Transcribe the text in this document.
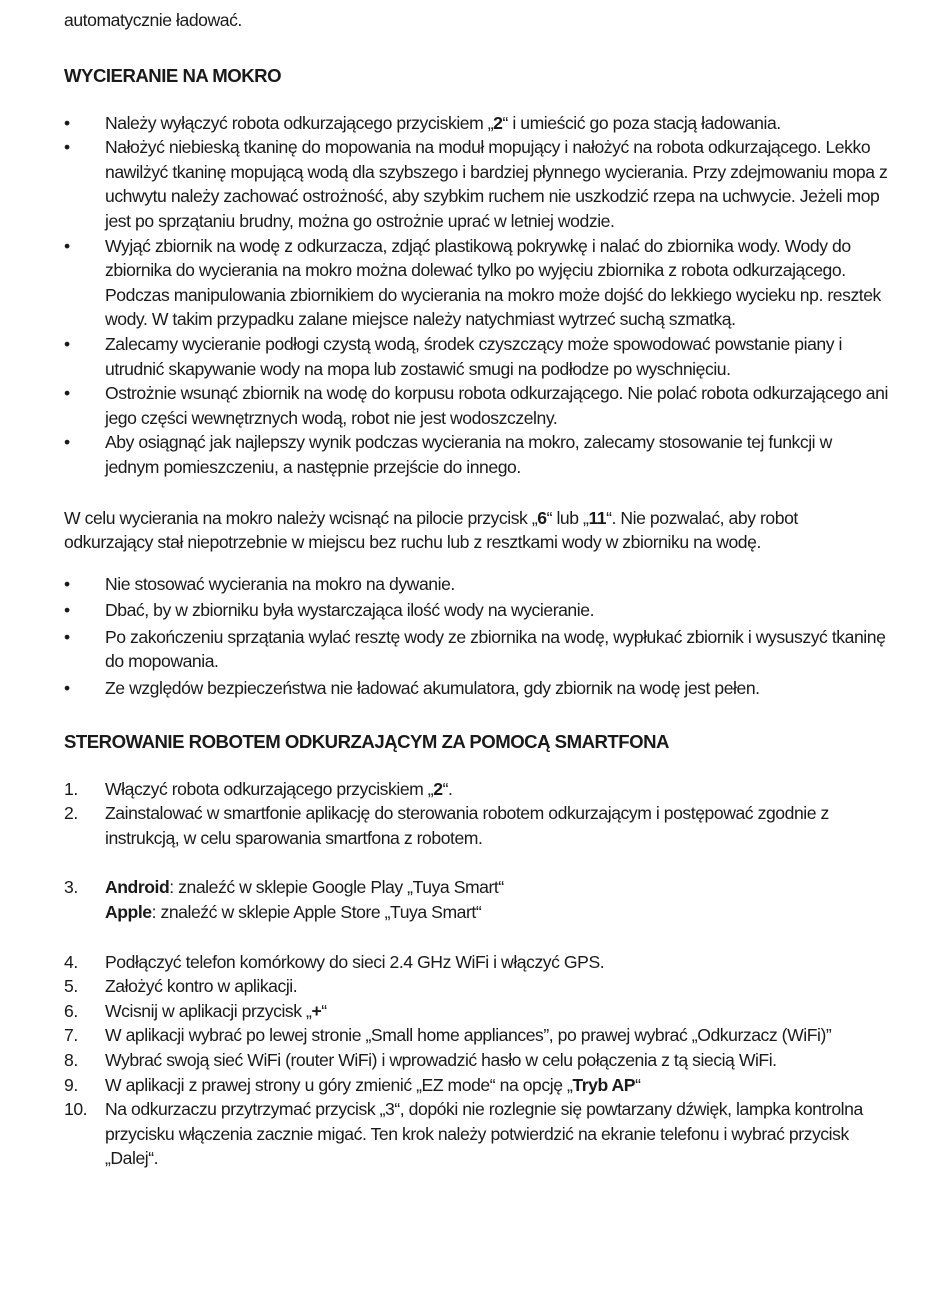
automatycznie ładować.

WYCIERANIE NA MOKRO
• Należy wyłączyć robota odkurzającego przyciskiem „2“ i umieścić go poza stacją ładowania.
• Nałożyć niebieską tkaninę do mopowania na moduł mopujący i nałożyć na robota odkurzającego. Lekko nawilżyć tkaninę mopującą wodą dla szybszego i bardziej płynnego wycierania. Przy zdejmowaniu mopa z uchwytu należy zachować ostrożność, aby szybkim ruchem nie uszkodzić rzepa na uchwycie. Jeżeli mop jest po sprzątaniu brudny, można go ostrożnie uprać w letniej wodzie.
• Wyjąć zbiornik na wodę z odkurzacza, zdjąć plastikową pokrywkę i nalać do zbiornika wody. Wody do zbiornika do wycierania na mokro można dolewać tylko po wyjęciu zbiornika z robota odkurzającego. Podczas manipulowania zbiornikiem do wycierania na mokro może dojść do lekkiego wycieku np. resztek wody. W takim przypadku zalane miejsce należy natychmiast wytrzeć suchą szmatką.
• Zalecamy wycieranie podłogi czystą wodą, środek czyszczący może spowodować powstanie piany i utrudnić skapywanie wody na mopa lub zostawić smugi na podłodze po wyschnięciu.
• Ostrożnie wsunąć zbiornik na wodę do korpusu robota odkurzającego. Nie polać robota odkurzającego ani jego części wewnętrznych wodą, robot nie jest wodoszczelny.
• Aby osiągnąć jak najlepszy wynik podczas wycierania na mokro, zalecamy stosowanie tej funkcji w jednym pomieszczeniu, a następnie przejście do innego.

W celu wycierania na mokro należy wcisnąć na pilocie przycisk „6“ lub „11“. Nie pozwalać, aby robot odkurzający stał niepotrzebnie w miejscu bez ruchu lub z resztkami wody w zbiorniku na wodę.

• Nie stosować wycierania na mokro na dywanie.
• Dbać, by w zbiorniku była wystarczająca ilość wody na wycieranie.
• Po zakończeniu sprzątania wylać resztę wody ze zbiornika na wodę, wypłukać zbiornik i wysuszyć tkaninę do mopowania.
• Ze względów bezpieczeństwa nie ładować akumulatora, gdy zbiornik na wodę jest pełen.
STEROWANIE ROBOTEM ODKURZAJĄCYM ZA POMOCĄ SMARTFONA
1. Włączyć robota odkurzającego przyciskiem „2“.
2. Zainstalować w smartfonie aplikację do sterowania robotem odkurzającym i postępować zgodnie z instrukcją, w celu sparowania smartfona z robotem.
3. Android: znaleźć w sklepie Google Play „Tuya Smart“
Apple: znaleźć w sklepie Apple Store „Tuya Smart“
4. Podłączyć telefon komórkowy do sieci 2.4 GHz WiFi i włączyć GPS.
5. Założyć kontro w aplikacji.
6. Wcisnij w aplikacji przycisk „+“
7. W aplikacji wybrać po lewej stronie „Small home appliances”, po prawej wybrać „Odkurzacz (WiFi)”
8. Wybrać swoją sieć WiFi (router WiFi) i wprowadzić hasło w celu połączenia z tą siecią WiFi.
9. W aplikacji z prawej strony u góry zmienić „EZ mode“ na opcję „Tryb AP“
10. Na odkurzaczu przytrzymać przycisk „3“, dopóki nie rozlegnie się powtarzany dźwięk, lampka kontrolna przycisku włączenia zacznie migać. Ten krok należy potwierdzić na ekranie telefonu i wybrać przycisk „Dalej“.
